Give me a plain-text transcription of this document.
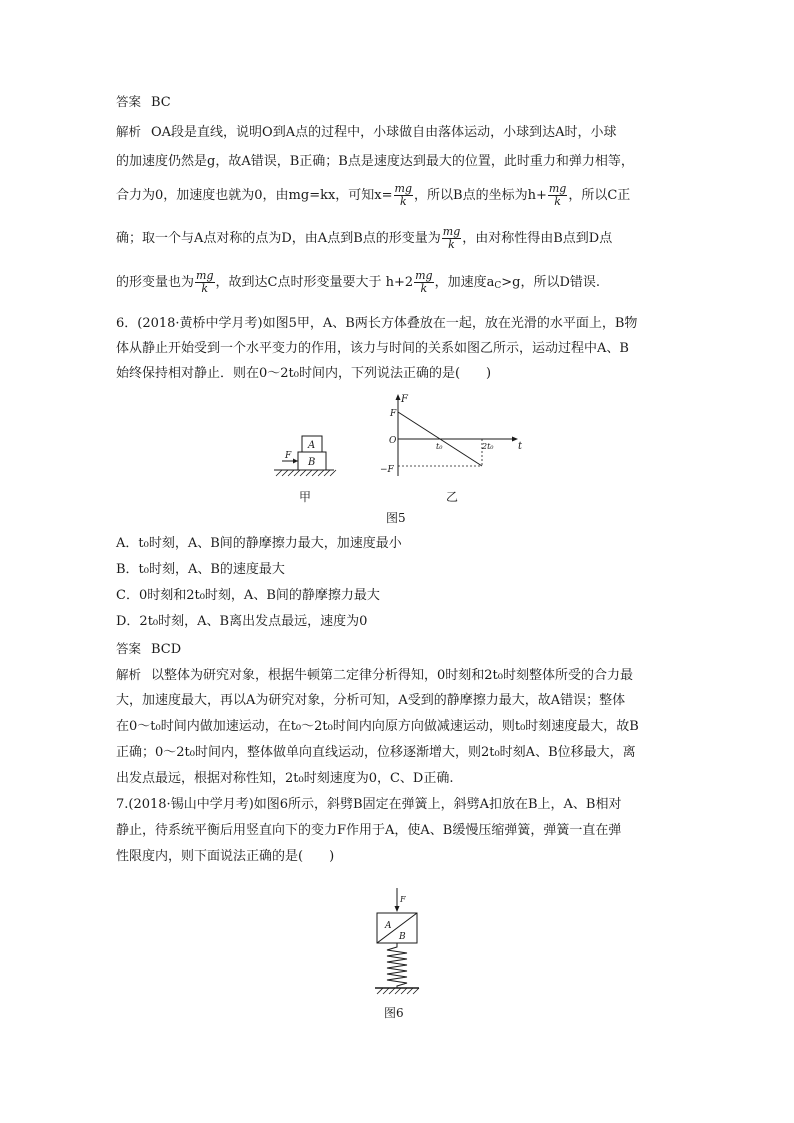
答案 BC
解析 OA段是直线，说明O到A点的过程中，小球做自由落体运动，小球到达A时，小球
的加速度仍然是g，故A错误，B正确；B点是速度达到最大的位置，此时重力和弹力相等，
合力为0，加速度也就为0，由mg=kx，可知$x= \frac{mg}{k}$ ，所以B点的坐标为$h+ \frac{mg}{k}$ ，所以C正
确；取一个与A点对称的点为D，由A点到B点的形变量为 $\frac{mg}{k}$ ，由对称性得由B点到D点
的形变量也为 $\frac{mg}{k}$ ，故到达C点时形变量要大于 $h+2 \frac{mg}{k}$ ，加速度$a_C>g$，所以D错误.
6．(2018·黄桥中学月考)如图5甲，A、B两长方体叠放在一起，放在光滑的水平面上，B物
体从静止开始受到一个水平变力的作用，该力与时间的关系如图乙所示，运动过程中A、B
始终保持相对静止．则在0～2t₀时间内，下列说法正确的是(　　)
A
B
F
甲
F
t
F
O
−F
t₀	2t₀
乙
图5
A．t₀时刻，A、B间的静摩擦力最大，加速度最小
B．t₀时刻，A、B的速度最大
C．0时刻和2t₀时刻，A、B间的静摩擦力最大
D．2t₀时刻，A、B离出发点最远，速度为0
答案 BCD
解析 以整体为研究对象，根据牛顿第二定律分析得知，0时刻和2t₀时刻整体所受的合力最
大，加速度最大，再以A为研究对象，分析可知，A受到的静摩擦力最大，故A错误；整体
在0～t₀时间内做加速运动，在t₀～2t₀时间内向原方向做减速运动，则t₀时刻速度最大，故B
正确；0～2t₀时间内，整体做单向直线运动，位移逐渐增大，则2t₀时刻A、B位移最大，离
出发点最远，根据对称性知，2t₀时刻速度为0，C、D正确.
7.(2018·锡山中学月考)如图6所示，斜劈B固定在弹簧上，斜劈A扣放在B上，A、B相对
静止，待系统平衡后用竖直向下的变力F作用于A，使A、B缓慢压缩弹簧，弹簧一直在弹
性限度内，则下面说法正确的是(　　)
F
A
B
图6
